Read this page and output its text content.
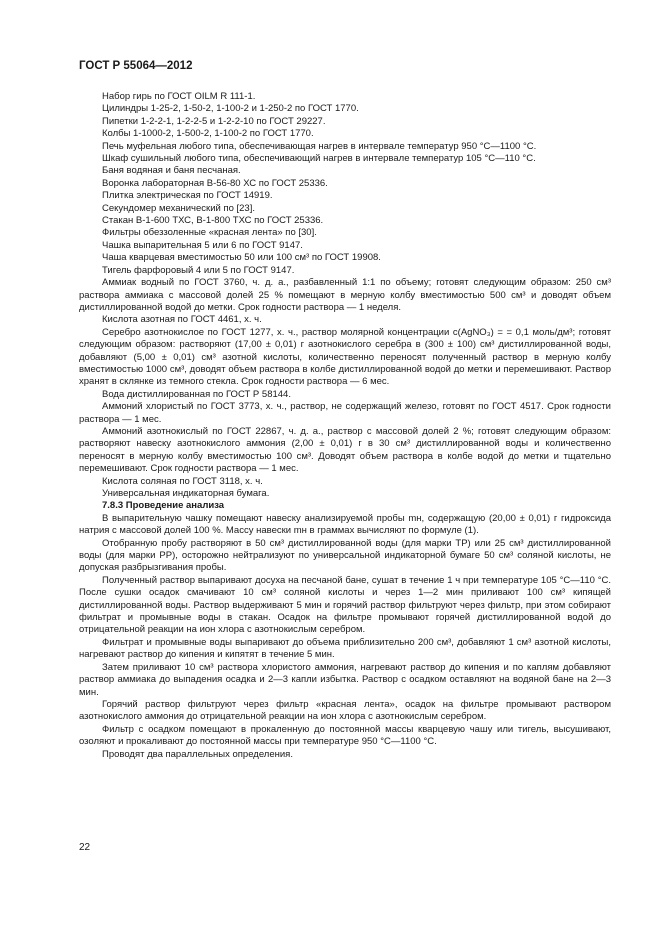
ГОСТ Р 55064—2012

Набор гирь по ГОСТ OILM R 111-1.

Цилиндры 1-25-2, 1-50-2, 1-100-2 и 1-250-2 по ГОСТ 1770.

Пипетки 1-2-2-1, 1-2-2-5 и 1-2-2-10 по ГОСТ 29227.

Колбы 1-1000-2, 1-500-2, 1-100-2 по ГОСТ 1770.

Печь муфельная любого типа, обеспечивающая нагрев в интервале температур 950 °С—1100 °С.

Шкаф сушильный любого типа, обеспечивающий нагрев в интервале температур 105 °С—110 °С.

Баня водяная и баня песчаная.

Воронка лабораторная В-56-80 ХС по ГОСТ 25336.

Плитка электрическая по ГОСТ 14919.

Секундомер механический по [23].

Стакан В-1-600 ТХС, В-1-800 ТХС по ГОСТ 25336.

Фильтры обеззоленные «красная лента» по [30].

Чашка выпарительная 5 или 6 по ГОСТ 9147.

Чаша кварцевая вместимостью 50 или 100 см³ по ГОСТ 19908.

Тигель фарфоровый 4 или 5 по ГОСТ 9147.

Аммиак водный по ГОСТ 3760, ч. д. а., разбавленный 1:1 по объему; готовят следующим образом: 250 см³ раствора аммиака с массовой долей 25 % помещают в мерную колбу вместимостью 500 см³ и доводят объем дистиллированной водой до метки. Срок годности раствора — 1 неделя.

Кислота азотная по ГОСТ 4461, х. ч.

Серебро азотнокислое по ГОСТ 1277, х. ч., раствор молярной концентрации c(AgNO₃) = = 0,1 моль/дм³; готовят следующим образом: растворяют (17,00 ± 0,01) г азотнокислого серебра в (300 ± 100) см³ дистиллированной воды, добавляют (5,00 ± 0,01) см³ азотной кислоты, количественно переносят полученный раствор в мерную колбу вместимостью 1000 см³, доводят объем раствора в колбе дистиллированной водой до метки и перемешивают. Раствор хранят в склянке из темного стекла. Срок годности раствора — 6 мес.

Вода дистиллированная по ГОСТ Р 58144.

Аммоний хлористый по ГОСТ 3773, х. ч., раствор, не содержащий железо, готовят по ГОСТ 4517. Срок годности раствора — 1 мес.

Аммоний азотнокислый по ГОСТ 22867, ч. д. а., раствор с массовой долей 2 %; готовят следующим образом: растворяют навеску азотнокислого аммония (2,00 ± 0,01) г в 30 см³ дистиллированной воды и количественно переносят в мерную колбу вместимостью 100 см³. Доводят объем раствора в колбе водой до метки и тщательно перемешивают. Срок годности раствора — 1 мес.

Кислота соляная по ГОСТ 3118, х. ч.

Универсальная индикаторная бумага.

7.8.3 Проведение анализа

В выпарительную чашку помещают навеску анализируемой пробы mн, содержащую (20,00 ± 0,01) г гидроксида натрия с массовой долей 100 %. Массу навески mн в граммах вычисляют по формуле (1).

Отобранную пробу растворяют в 50 см³ дистиллированной воды (для марки ТР) или 25 см³ дистиллированной воды (для марки РР), осторожно нейтрализуют по универсальной индикаторной бумаге 50 см³ соляной кислоты, не допуская разбрызгивания пробы.

Полученный раствор выпаривают досуха на песчаной бане, сушат в течение 1 ч при температуре 105 °С—110 °С. После сушки осадок смачивают 10 см³ соляной кислоты и через 1—2 мин приливают 100 см³ кипящей дистиллированной воды. Раствор выдерживают 5 мин и горячий раствор фильтруют через фильтр, при этом собирают фильтрат и промывные воды в стакан. Осадок на фильтре промывают горячей дистиллированной водой до отрицательной реакции на ион хлора с азотнокислым серебром.

Фильтрат и промывные воды выпаривают до объема приблизительно 200 см³, добавляют 1 см³ азотной кислоты, нагревают раствор до кипения и кипятят в течение 5 мин.

Затем приливают 10 см³ раствора хлористого аммония, нагревают раствор до кипения и по каплям добавляют раствор аммиака до выпадения осадка и 2—3 капли избытка. Раствор с осадком оставляют на водяной бане на 2—3 мин.

Горячий раствор фильтруют через фильтр «красная лента», осадок на фильтре промывают раствором азотнокислого аммония до отрицательной реакции на ион хлора с азотнокислым серебром.

Фильтр с осадком помещают в прокаленную до постоянной массы кварцевую чашу или тигель, высушивают, озоляют и прокаливают до постоянной массы при температуре 950 °С—1100 °С.

Проводят два параллельных определения.

22
